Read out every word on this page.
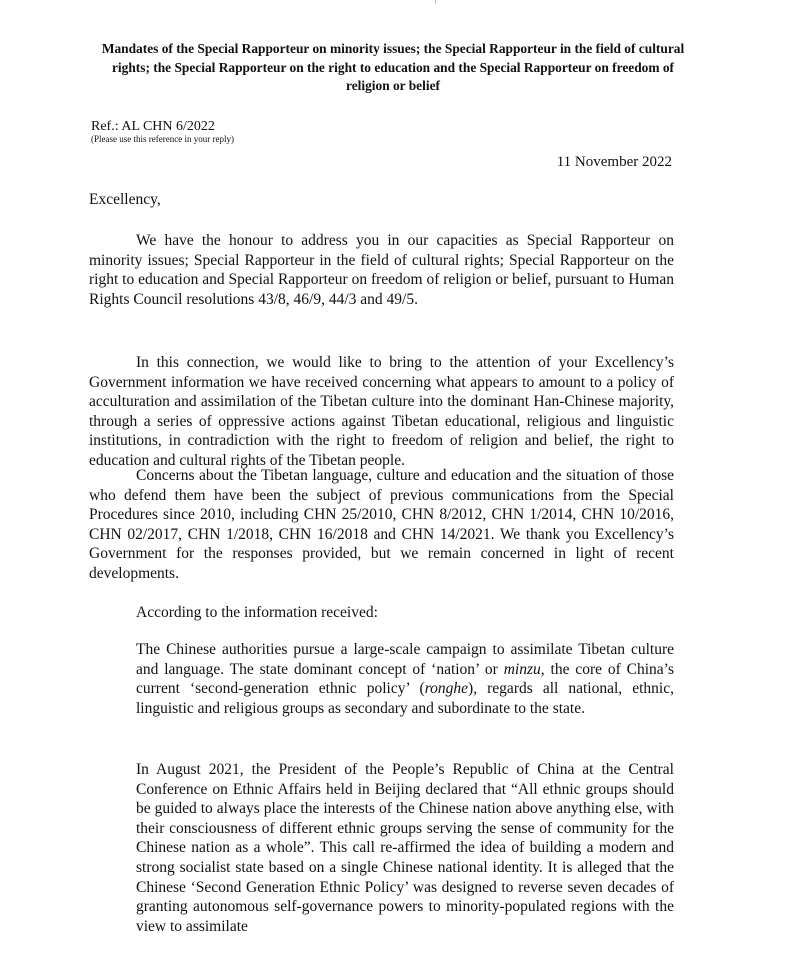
Mandates of the Special Rapporteur on minority issues; the Special Rapporteur in the field of cultural rights; the Special Rapporteur on the right to education and the Special Rapporteur on freedom of religion or belief
Ref.: AL CHN 6/2022
(Please use this reference in your reply)
11 November 2022
Excellency,

We have the honour to address you in our capacities as Special Rapporteur on minority issues; Special Rapporteur in the field of cultural rights; Special Rapporteur on the right to education and Special Rapporteur on freedom of religion or belief, pursuant to Human Rights Council resolutions 43/8, 46/9, 44/3 and 49/5.

In this connection, we would like to bring to the attention of your Excellency’s Government information we have received concerning what appears to amount to a policy of acculturation and assimilation of the Tibetan culture into the dominant Han-Chinese majority, through a series of oppressive actions against Tibetan educational, religious and linguistic institutions, in contradiction with the right to freedom of religion and belief, the right to education and cultural rights of the Tibetan people.

Concerns about the Tibetan language, culture and education and the situation of those who defend them have been the subject of previous communications from the Special Procedures since 2010, including CHN 25/2010, CHN 8/2012, CHN 1/2014, CHN 10/2016, CHN 02/2017, CHN 1/2018, CHN 16/2018 and CHN 14/2021. We thank you Excellency’s Government for the responses provided, but we remain concerned in light of recent developments.

According to the information received:

The Chinese authorities pursue a large-scale campaign to assimilate Tibetan culture and language. The state dominant concept of ‘nation’ or minzu, the core of China’s current ‘second-generation ethnic policy’ (ronghe), regards all national, ethnic, linguistic and religious groups as secondary and subordinate to the state.

In August 2021, the President of the People’s Republic of China at the Central Conference on Ethnic Affairs held in Beijing declared that “All ethnic groups should be guided to always place the interests of the Chinese nation above anything else, with their consciousness of different ethnic groups serving the sense of community for the Chinese nation as a whole”. This call re-affirmed the idea of building a modern and strong socialist state based on a single Chinese national identity. It is alleged that the Chinese ‘Second Generation Ethnic Policy’ was designed to reverse seven decades of granting autonomous self-governance powers to minority-populated regions with the view to assimilate
